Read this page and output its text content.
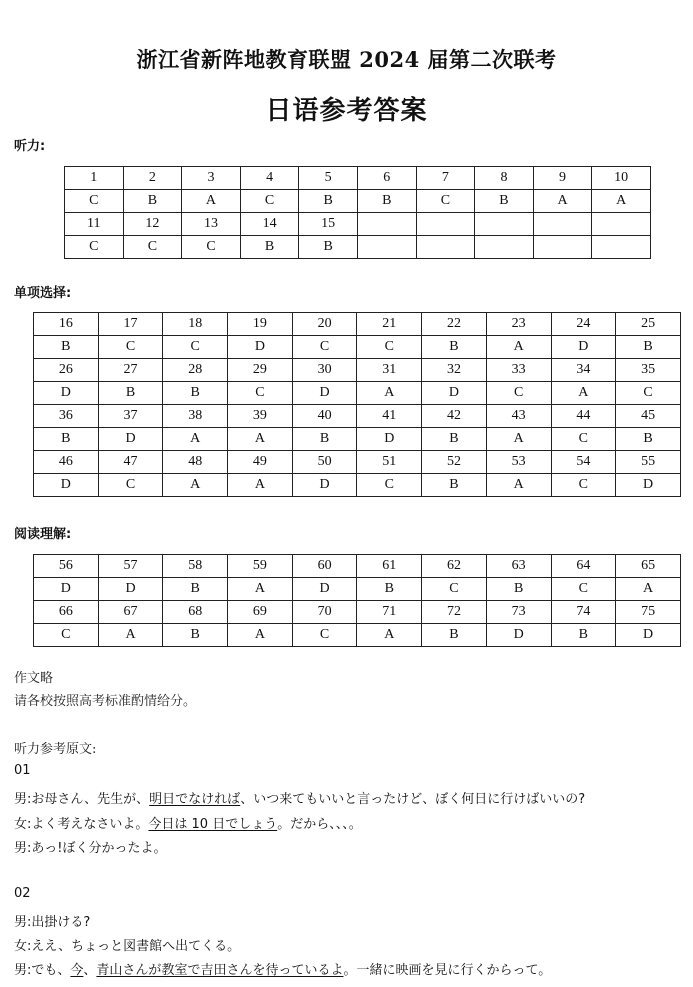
浙江省新阵地教育联盟 2024 届第二次联考
日语参考答案
听力:
1	2	3	4	5	6	7	8	9	10
C	B	A	C	B	B	C	B	A	A
11	12	13	14	15					
C	C	C	B	B					
单项选择:
16	17	18	19	20	21	22	23	24	25
B	C	C	D	C	C	B	A	D	B
26	27	28	29	30	31	32	33	34	35
D	B	B	C	D	A	D	C	A	C
36	37	38	39	40	41	42	43	44	45
B	D	A	A	B	D	B	A	C	B
46	47	48	49	50	51	52	53	54	55
D	C	A	A	D	C	B	A	C	D
阅读理解:
56	57	58	59	60	61	62	63	64	65
D	D	B	A	D	B	C	B	C	A
66	67	68	69	70	71	72	73	74	75
C	A	B	A	C	A	B	D	B	D
作文略
请各校按照高考标准酌情给分。
听力参考原文:
01
男:お母さん、先生が、明日でなければ、いつ来てもいいと言ったけど、ぼく何日に行けばいいの?
女:よく考えなさいよ。今日は 10 日でしょう。だから、、、。
男:あっ!ぼく分かったよ。
02
男:出掛ける?
女:ええ、ちょっと図書館へ出てくる。
男:でも、今、青山さんが教室で吉田さんを待っているよ。一緒に映画を見に行くからって。
